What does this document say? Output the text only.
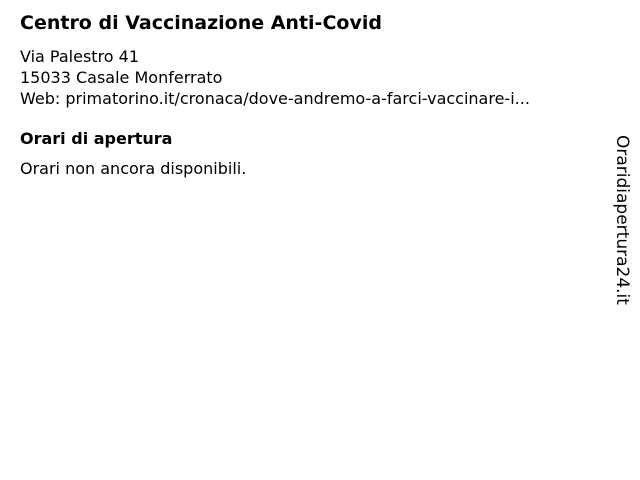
Centro di Vaccinazione Anti-Covid
Via Palestro 41
15033 Casale Monferrato
Web: primatorino.it/cronaca/dove-andremo-a-farci-vaccinare-i...
Orari di apertura
Orari non ancora disponibili.	Oraridiapertura24.it
